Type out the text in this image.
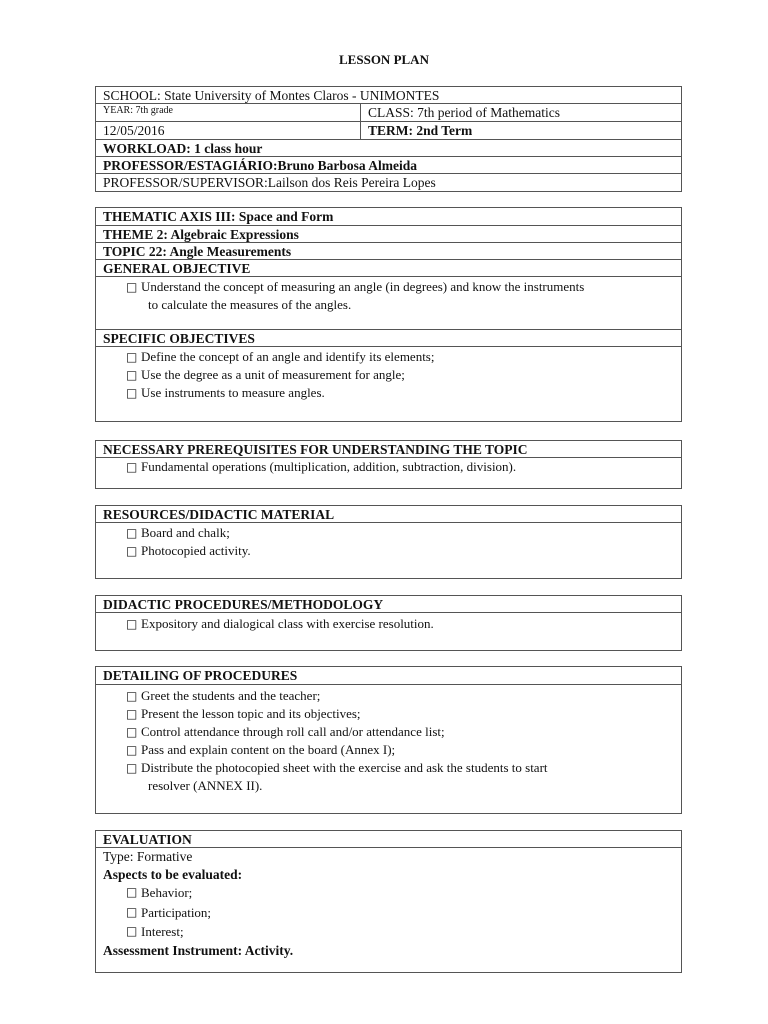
LESSON PLAN
SCHOOL: State University of Montes Claros - UNIMONTES
YEAR: 7th grade	CLASS: 7th period of Mathematics
12/05/2016	TERM: 2nd Term
WORKLOAD: 1 class hour
PROFESSOR/ESTAGIÁRIO:Bruno Barbosa Almeida
PROFESSOR/SUPERVISOR:Lailson dos Reis Pereira Lopes
THEMATIC AXIS III: Space and Form
THEME 2: Algebraic Expressions
TOPIC 22: Angle Measurements
GENERAL OBJECTIVE
□ Understand the concept of measuring an angle (in degrees) and know the instruments
to calculate the measures of the angles.
SPECIFIC OBJECTIVES
□ Define the concept of an angle and identify its elements;
□ Use the degree as a unit of measurement for angle;
□ Use instruments to measure angles.
NECESSARY PREREQUISITES FOR UNDERSTANDING THE TOPIC
□ Fundamental operations (multiplication, addition, subtraction, division).
RESOURCES/DIDACTIC MATERIAL
□ Board and chalk;
□ Photocopied activity.
DIDACTIC PROCEDURES/METHODOLOGY
□ Expository and dialogical class with exercise resolution.
DETAILING OF PROCEDURES
□ Greet the students and the teacher;
□ Present the lesson topic and its objectives;
□ Control attendance through roll call and/or attendance list;
□ Pass and explain content on the board (Annex I);
□ Distribute the photocopied sheet with the exercise and ask the students to start
resolver (ANNEX II).
EVALUATION
Type: Formative
Aspects to be evaluated:
□ Behavior;
□ Participation;
□ Interest;
Assessment Instrument: Activity.
